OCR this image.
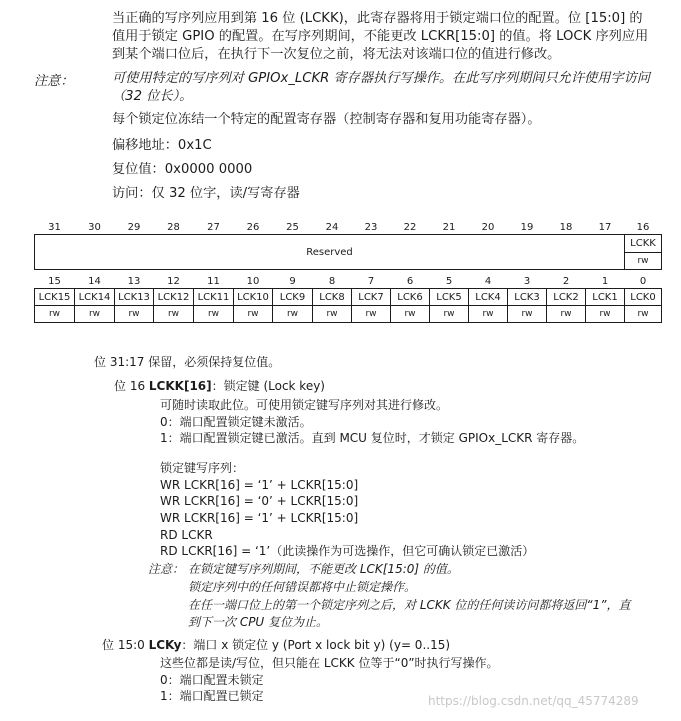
当正确的写序列应用到第 16 位 (LCKK)，此寄存器将用于锁定端口位的配置。位 [15:0] 的
值用于锁定 GPIO 的配置。在写序列期间，不能更改 LCKR[15:0] 的值。将 LOCK 序列应用
到某个端口位后，在执行下一次复位之前，将无法对该端口位的值进行修改。
注意：	可使用特定的写序列对 GPIOx_LCKR 寄存器执行写操作。在此写序列期间只允许使用字访问
（32 位长）。
每个锁定位冻结一个特定的配置寄存器（控制寄存器和复用功能寄存器）。
偏移地址：0x1C
复位值：0x0000 0000
访问：仅 32 位字，读/写寄存器
31	30	29	28	27	26	25	24	23	22	21	20	19	18	17	16
Reserved															LCKK
															rw
15	14	13	12	11	10	9	8	7	6	5	4	3	2	1	0
LCK15	LCK14	LCK13	LCK12	LCK11	LCK10	LCK9	LCK8	LCK7	LCK6	LCK5	LCK4	LCK3	LCK2	LCK1	LCK0
rw	rw	rw	rw	rw	rw	rw	rw	rw	rw	rw	rw	rw	rw	rw	rw
位 31:17 保留，必须保持复位值。
位 16 LCKK[16]：锁定键 (Lock key)
可随时读取此位。可使用锁定键写序列对其进行修改。
0：端口配置锁定键未激活。
1：端口配置锁定键已激活。直到 MCU 复位时，才锁定 GPIOx_LCKR 寄存器。
锁定键写序列：
WR LCKR[16] = ‘1’ + LCKR[15:0]
WR LCKR[16] = ‘0’ + LCKR[15:0]
WR LCKR[16] = ‘1’ + LCKR[15:0]
RD LCKR
RD LCKR[16] = ‘1’（此读操作为可选操作，但它可确认锁定已激活）
注意： 在锁定键写序列期间，不能更改 LCK[15:0] 的值。
锁定序列中的任何错误都将中止锁定操作。
在任一端口位上的第一个锁定序列之后，对 LCKK 位的任何读访问都将返回“1”，直
到下一次 CPU 复位为止。
位 15:0 LCKy：端口 x 锁定位 y (Port x lock bit y) (y= 0..15)
这些位都是读/写位，但只能在 LCKK 位等于“0”时执行写操作。
0：端口配置未锁定
1：端口配置已锁定	https://blog.csdn.net/qq_45774289
